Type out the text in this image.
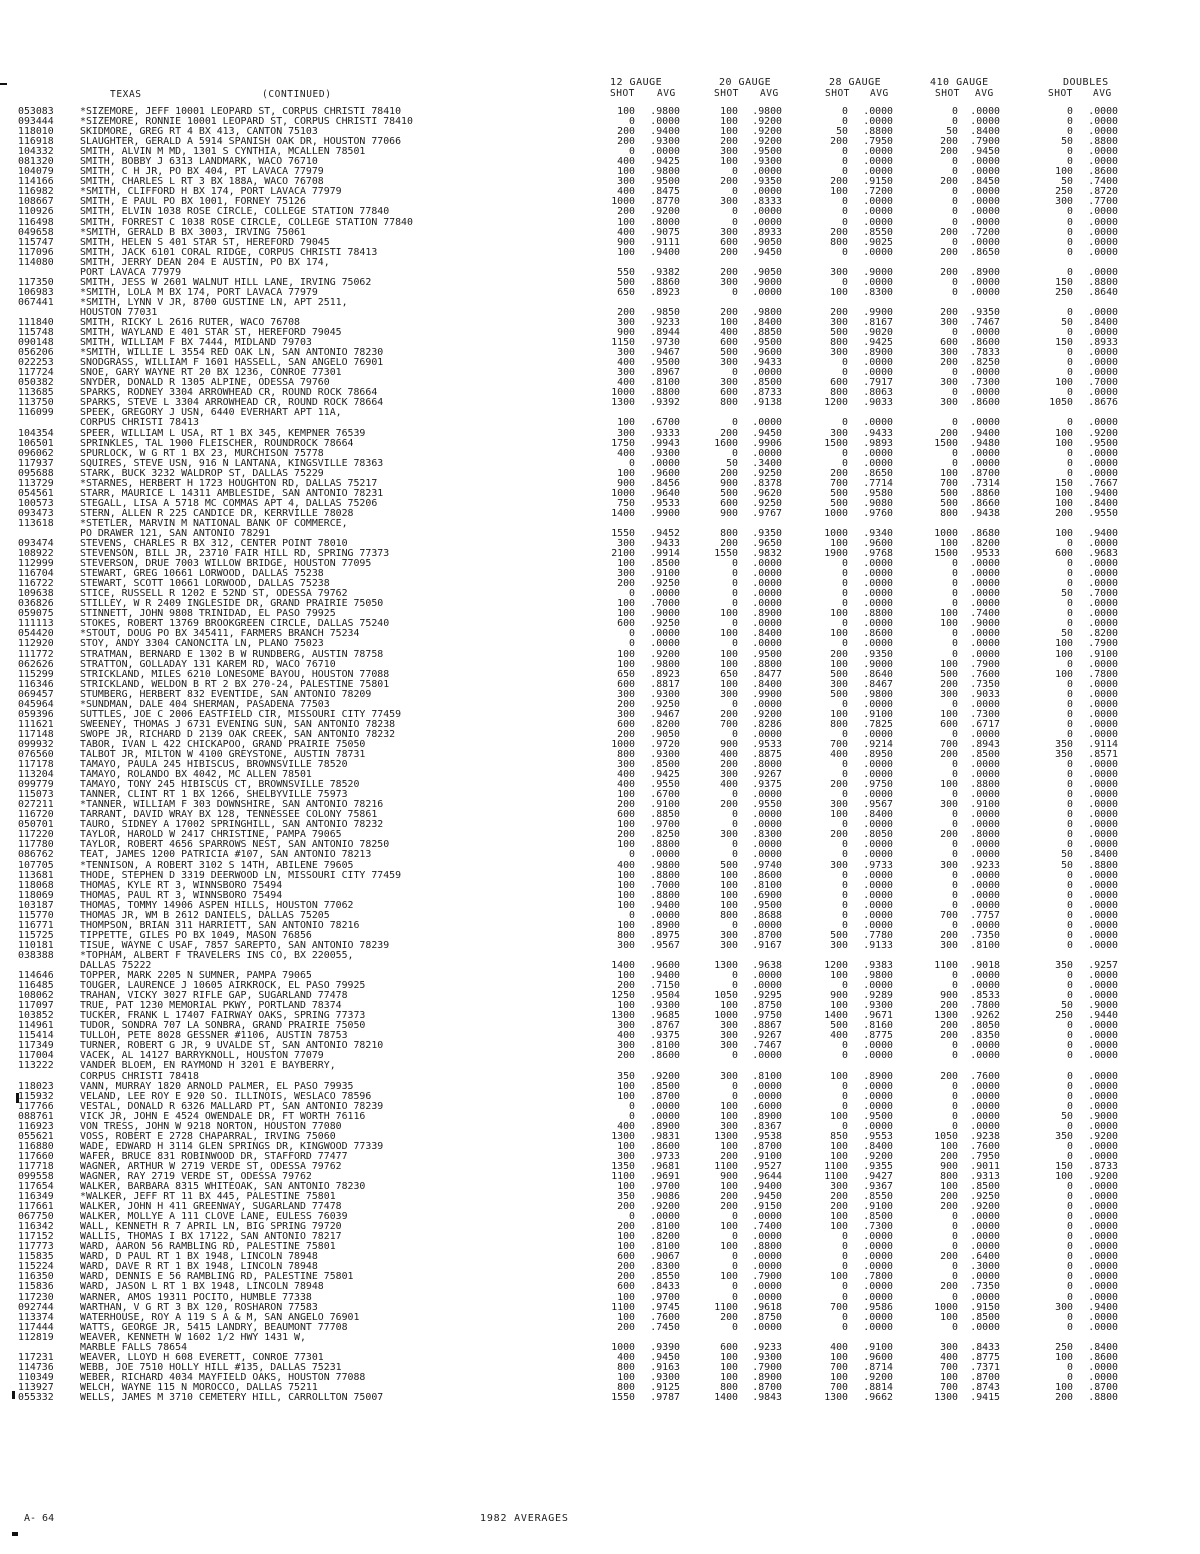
TEXAS	(CONTINUED)
12 GAUGE	20 GAUGE	28 GAUGE	410 GAUGE	DOUBLES
SHOT AVG	SHOT AVG	SHOT AVG	SHOT AVG	SHOT AVG
053083	*SIZEMORE, JEFF 10001 LEOPARD ST, CORPUS CHRISTI 78410	100	.9800	100	.9800	0	.0000	0	.0000	0	.0000
093444	*SIZEMORE, RONNIE 10001 LEOPARD ST, CORPUS CHRISTI 78410	0	.0000	100	.9200	0	.0000	0	.0000	0	.0000
118010	SKIDMORE, GREG RT 4 BX 413, CANTON 75103	200	.9400	100	.9200	50	.8800	50	.8400	0	.0000
116918	SLAUGHTER, GERALD A 5914 SPANISH OAK DR, HOUSTON 77066	200	.9300	200	.9200	200	.7950	200	.7900	50	.8800
104332	SMITH, ALVIN M MD, 1301 S CYNTHIA, MCALLEN 78501	0	.0000	300	.9500	0	.0000	200	.9450	0	.0000
081320	SMITH, BOBBY J 6313 LANDMARK, WACO 76710	400	.9425	100	.9300	0	.0000	0	.0000	0	.0000
104079	SMITH, C H JR, PO BX 404, PT LAVACA 77979	100	.9800	0	.0000	0	.0000	0	.0000	100	.8600
114166	SMITH, CHARLES L RT 3 BX 188A, WACO 76708	300	.9500	200	.9350	200	.9150	200	.8450	50	.7400
116982	*SMITH, CLIFFORD H BX 174, PORT LAVACA 77979	400	.8475	0	.0000	100	.7200	0	.0000	250	.8720
108667	SMITH, E PAUL PO BX 1001, FORNEY 75126	1000	.8770	300	.8333	0	.0000	0	.0000	300	.7700
110926	SMITH, ELVIN 1038 ROSE CIRCLE, COLLEGE STATION 77840	200	.9200	0	.0000	0	.0000	0	.0000	0	.0000
116498	SMITH, FORREST C 1038 ROSE CIRCLE, COLLEGE STATION 77840	100	.8000	0	.0000	0	.0000	0	.0000	0	.0000
049658	*SMITH, GERALD B BX 3003, IRVING 75061	400	.9075	300	.8933	200	.8550	200	.7200	0	.0000
115747	SMITH, HELEN S 401 STAR ST, HEREFORD 79045	900	.9111	600	.9050	800	.9025	0	.0000	0	.0000
117096	SMITH, JACK 6101 CORAL RIDGE, CORPUS CHRISTI 78413	100	.9400	200	.9450	0	.0000	200	.8650	0	.0000
114080	SMITH, JERRY DEAN 204 E AUSTIN, PO BX 174,
PORT LAVACA 77979	550	.9382	200	.9050	300	.9000	200	.8900	0	.0000
117350	SMITH, JESS W 2601 WALNUT HILL LANE, IRVING 75062	500	.8860	300	.9000	0	.0000	0	.0000	150	.8800
106983	*SMITH, LOLA M BX 174, PORT LAVACA 77979	650	.8923	0	.0000	100	.8300	0	.0000	250	.8640
067441	*SMITH, LYNN V JR, 8700 GUSTINE LN, APT 2511,
HOUSTON 77031	200	.9850	200	.9800	200	.9900	200	.9350	0	.0000
111840	SMITH, RICKY L 2616 RUTER, WACO 76708	300	.9233	100	.8400	300	.8167	300	.7467	50	.8400
115748	SMITH, WAYLAND E 401 STAR ST, HEREFORD 79045	900	.8944	400	.8850	500	.9020	0	.0000	0	.0000
090148	SMITH, WILLIAM F BX 7444, MIDLAND 79703	1150	.9730	600	.9500	800	.9425	600	.8600	150	.8933
056206	*SMITH, WILLIE L 3554 RED OAK LN, SAN ANTONIO 78230	300	.9467	500	.9600	300	.8900	300	.7833	0	.0000
022253	SNODGRASS, WILLIAM F 1601 HASSELL, SAN ANGELO 76901	400	.9500	300	.9433	0	.0000	200	.8250	0	.0000
117724	SNOE, GARY WAYNE RT 20 BX 1236, CONROE 77301	300	.8967	0	.0000	0	.0000	0	.0000	0	.0000
050382	SNYDER, DONALD R 1305 ALPINE, ODESSA 79760	400	.8100	300	.8500	600	.7917	300	.7300	100	.7000
113685	SPARKS, RODNEY 3304 ARROWHEAD CR, ROUND ROCK 78664	1000	.8800	600	.8733	800	.8063	0	.0000	0	.0000
113750	SPARKS, STEVE L 3304 ARROWHEAD CR, ROUND ROCK 78664	1300	.9392	800	.9138	1200	.9033	300	.8600	1050	.8676
116099	SPEEK, GREGORY J USN, 6440 EVERHART APT 11A,
CORPUS CHRISTI 78413	100	.6700	0	.0000	0	.0000	0	.0000	0	.0000
104354	SPEER, WILLIAM L USA, RT 1 BX 345, KEMPNER 76539	300	.9333	200	.9450	300	.9433	200	.9400	100	.9200
106501	SPRINKLES, TAL 1900 FLEISCHER, ROUNDROCK 78664	1750	.9943	1600	.9906	1500	.9893	1500	.9480	100	.9500
096062	SPURLOCK, W G RT 1 BX 23, MURCHISON 75778	400	.9300	0	.0000	0	.0000	0	.0000	0	.0000
117937	SQUIRES, STEVE USN, 916 N LANTANA, KINGSVILLE 78363	0	.0000	50	.3400	0	.0000	0	.0000	0	.0000
095688	STARK, BUCK 3232 WALDROP ST, DALLAS 75229	100	.9600	200	.9250	200	.8650	100	.8700	0	.0000
113729	*STARNES, HERBERT H 1723 HOUGHTON RD, DALLAS 75217	900	.8456	900	.8378	700	.7714	700	.7314	150	.7667
054561	STARR, MAURICE L 14311 AMBLESIDE, SAN ANTONIO 78231	1000	.9640	500	.9620	500	.9580	500	.8860	100	.9400
100573	STEGALL, LISA A 5718 MC COMMAS APT 4, DALLAS 75206	750	.9533	600	.9250	500	.9080	500	.8660	100	.8400
093473	STERN, ALLEN R 225 CANDICE DR, KERRVILLE 78028	1400	.9900	900	.9767	1000	.9760	800	.9438	200	.9550
113618	*STETLER, MARVIN M NATIONAL BANK OF COMMERCE,
PO DRAWER 121, SAN ANTONIO 78291	1550	.9452	800	.9350	1000	.9340	1000	.8680	100	.9400
093474	STEVENS, CHARLES R BX 312, CENTER POINT 78010	300	.9433	200	.9650	100	.9600	100	.8200	0	.0000
108922	STEVENSON, BILL JR, 23710 FAIR HILL RD, SPRING 77373	2100	.9914	1550	.9832	1900	.9768	1500	.9533	600	.9683
112999	STEVERSON, DRUE 7003 WILLOW BRIDGE, HOUSTON 77095	100	.8500	0	.0000	0	.0000	0	.0000	0	.0000
116704	STEWART, GREG 10661 LORWOOD, DALLAS 75238	300	.9100	0	.0000	0	.0000	0	.0000	0	.0000
116722	STEWART, SCOTT 10661 LORWOOD, DALLAS 75238	200	.9250	0	.0000	0	.0000	0	.0000	0	.0000
109638	STICE, RUSSELL R 1202 E 52ND ST, ODESSA 79762	0	.0000	0	.0000	0	.0000	0	.0000	50	.7000
036826	STILLEY, W R 2409 INGLESIDE DR, GRAND PRAIRIE 75050	100	.7000	0	.0000	0	.0000	0	.0000	0	.0000
059075	STINNETT, JOHN 9808 TRINIDAD, EL PASO 79925	100	.9000	100	.8900	100	.8800	100	.7400	0	.0000
111113	STOKES, ROBERT 13769 BROOKGREEN CIRCLE, DALLAS 75240	600	.9250	0	.0000	0	.0000	100	.9000	0	.0000
054420	*STOUT, DOUG PO BX 345411, FARMERS BRANCH 75234	0	.0000	100	.8400	100	.8600	0	.0000	50	.8200
112920	STOY, ANDY 3304 CANONCITA LN, PLANO 75023	0	.0000	0	.0000	0	.0000	0	.0000	100	.7900
111772	STRATMAN, BERNARD E 1302 B W RUNDBERG, AUSTIN 78758	100	.9200	100	.9500	200	.9350	0	.0000	100	.9100
062626	STRATTON, GOLLADAY 131 KAREM RD, WACO 76710	100	.9800	100	.8800	100	.9000	100	.7900	0	.0000
115299	STRICKLAND, MILES 6210 LONESOME BAYOU, HOUSTON 77088	650	.8923	650	.8477	500	.8640	500	.7600	100	.7800
116346	STRICKLAND, WELDON B RT 2 BX 270-24, PALESTINE 75801	600	.8817	100	.8400	300	.8467	200	.7350	0	.0000
069457	STUMBERG, HERBERT 832 EVENTIDE, SAN ANTONIO 78209	300	.9300	300	.9900	500	.9800	300	.9033	0	.0000
045964	*SUNDMAN, DALE 404 SHERMAN, PASADENA 77503	200	.9250	0	.0000	0	.0000	0	.0000	0	.0000
059396	SUTTLES, JOE C 2006 EASTFIELD CIR, MISSOURI CITY 77459	300	.9467	200	.9200	100	.9100	100	.7300	0	.0000
111621	SWEENEY, THOMAS J 6731 EVENING SUN, SAN ANTONIO 78238	600	.8200	700	.8286	800	.7825	600	.6717	0	.0000
117148	SWOPE JR, RICHARD D 2139 OAK CREEK, SAN ANTONIO 78232	200	.9050	0	.0000	0	.0000	0	.0000	0	.0000
099932	TABOR, IVAN L 422 CHICKAPOO, GRAND PRAIRIE 75050	1000	.9720	900	.9533	700	.9214	700	.8943	350	.9114
076560	TALBOT JR, MILTON W 4100 GREYSTONE, AUSTIN 78731	800	.9300	400	.8875	400	.8950	200	.8500	350	.8571
117178	TAMAYO, PAULA 245 HIBISCUS, BROWNSVILLE 78520	300	.8500	200	.8000	0	.0000	0	.0000	0	.0000
113204	TAMAYO, ROLANDO BX 4042, MC ALLEN 78501	400	.9425	300	.9267	0	.0000	0	.0000	0	.0000
099779	TAMAYO, TONY 245 HIBISCUS CT, BROWNSVILLE 78520	400	.9550	400	.9375	200	.9750	100	.8800	0	.0000
115073	TANNER, CLINT RT 1 BX 1266, SHELBYVILLE 75973	100	.6700	0	.0000	0	.0000	0	.0000	0	.0000
027211	*TANNER, WILLIAM F 303 DOWNSHIRE, SAN ANTONIO 78216	200	.9100	200	.9550	300	.9567	300	.9100	0	.0000
116720	TARRANT, DAVID WRAY BX 128, TENNESSEE COLONY 75861	600	.8850	0	.0000	100	.8400	0	.0000	0	.0000
050701	TAURO, SIDNEY A 17002 SPRINGHILL, SAN ANTONIO 78232	100	.9700	0	.0000	0	.0000	0	.0000	0	.0000
117220	TAYLOR, HAROLD W 2417 CHRISTINE, PAMPA 79065	200	.8250	300	.8300	200	.8050	200	.8000	0	.0000
117780	TAYLOR, ROBERT 4656 SPARROWS NEST, SAN ANTONIO 78250	100	.8800	0	.0000	0	.0000	0	.0000	0	.0000
086762	TEAT, JAMES 1200 PATRICIA #107, SAN ANTONIO 78213	0	.0000	0	.0000	0	.0000	0	.0000	50	.8400
107705	*TENNISON, A ROBERT 3102 S 14TH, ABILENE 79605	400	.9800	500	.9740	300	.9733	300	.9233	50	.8800
113681	THODE, STEPHEN D 3319 DEERWOOD LN, MISSOURI CITY 77459	100	.8800	100	.8600	0	.0000	0	.0000	0	.0000
118068	THOMAS, KYLE RT 3, WINNSBORO 75494	100	.7000	100	.8100	0	.0000	0	.0000	0	.0000
118069	THOMAS, PAUL RT 3, WINNSBORO 75494	100	.8800	100	.6900	0	.0000	0	.0000	0	.0000
103187	THOMAS, TOMMY 14906 ASPEN HILLS, HOUSTON 77062	100	.9400	100	.9500	0	.0000	0	.0000	0	.0000
115770	THOMAS JR, WM B 2612 DANIELS, DALLAS 75205	0	.0000	800	.8688	0	.0000	700	.7757	0	.0000
116771	THOMPSON, BRIAN 311 HARRIETT, SAN ANTONIO 78216	100	.8900	0	.0000	0	.0000	0	.0000	0	.0000
115725	TIPPETTE, GILES PO BX 1049, MASON 76856	800	.8975	300	.8700	500	.7780	200	.7350	0	.0000
110181	TISUE, WAYNE C USAF, 7857 SAREPTO, SAN ANTONIO 78239	300	.9567	300	.9167	300	.9133	300	.8100	0	.0000
038388	*TOPHAM, ALBERT F TRAVELERS INS CO, BX 220055,
DALLAS 75222	1400	.9600	1300	.9638	1200	.9383	1100	.9018	350	.9257
114646	TOPPER, MARK 2205 N SUMNER, PAMPA 79065	100	.9400	0	.0000	100	.9800	0	.0000	0	.0000
116485	TOUGER, LAURENCE J 10605 AIRKROCK, EL PASO 79925	200	.7150	0	.0000	0	.0000	0	.0000	0	.0000
108062	TRAHAN, VICKY 3027 RIFLE GAP, SUGARLAND 77478	1250	.9504	1050	.9295	900	.9289	900	.8533	0	.0000
117097	TRUE, PAT 1230 MEMORIAL PKWY, PORTLAND 78374	100	.9300	100	.8750	100	.9300	200	.7800	50	.9000
103852	TUCKER, FRANK L 17407 FAIRWAY OAKS, SPRING 77373	1300	.9685	1000	.9750	1400	.9671	1300	.9262	250	.9440
114961	TUDOR, SONDRA 707 LA SONBRA, GRAND PRAIRIE 75050	300	.8767	300	.8867	500	.8160	200	.8050	0	.0000
115414	TULLOH, PETE 8028 GESSNER #1106, AUSTIN 78753	400	.9375	300	.9267	400	.8775	200	.8350	0	.0000
117349	TURNER, ROBERT G JR, 9 UVALDE ST, SAN ANTONIO 78210	300	.8100	300	.7467	0	.0000	0	.0000	0	.0000
117004	VACEK, AL 14127 BARRYKNOLL, HOUSTON 77079	200	.8600	0	.0000	0	.0000	0	.0000	0	.0000
113222	VANDER BLOEM, EN RAYMOND H 3201 E BAYBERRY,
CORPUS CHRISTI 78418	350	.9200	300	.8100	100	.8900	200	.7600	0	.0000
118023	VANN, MURRAY 1820 ARNOLD PALMER, EL PASO 79935	100	.8500	0	.0000	0	.0000	0	.0000	0	.0000
115932	VELAND, LEE ROY E 920 SO. ILLINOIS, WESLACO 78596	100	.8700	0	.0000	0	.0000	0	.0000	0	.0000
117766	VESTAL, DONALD R 6326 MALLARD PT, SAN ANTONIO 78239	0	.0000	100	.6000	0	.0000	0	.0000	0	.0000
088761	VICK JR, JOHN E 4524 OWENDALE DR, FT WORTH 76116	0	.0000	100	.8900	100	.9500	0	.0000	50	.9000
116923	VON TRESS, JOHN W 9218 NORTON, HOUSTON 77080	400	.8900	300	.8367	0	.0000	0	.0000	0	.0000
055621	VOSS, ROBERT E 2728 CHAPARRAL, IRVING 75060	1300	.9831	1300	.9538	850	.9553	1050	.9238	350	.9200
116880	WADE, EDWARD H 3114 GLEN SPRINGS DR, KINGWOOD 77339	100	.8600	100	.8700	100	.8400	100	.7600	0	.0000
117660	WAFER, BRUCE 831 ROBINWOOD DR, STAFFORD 77477	300	.9733	200	.9100	100	.9200	200	.7950	0	.0000
117718	WAGNER, ARTHUR W 2719 VERDE ST, ODESSA 79762	1350	.9681	1100	.9527	1100	.9355	900	.9011	150	.8733
099558	WAGNER, RAY 2719 VERDE ST, ODESSA 79762	1100	.9691	900	.9644	1100	.9427	800	.9313	100	.9200
117654	WALKER, BARBARA 8315 WHITEOAK, SAN ANTONIO 78230	100	.9700	100	.9400	300	.9367	100	.8500	0	.0000
116349	*WALKER, JEFF RT 11 BX 445, PALESTINE 75801	350	.9086	200	.9450	200	.8550	200	.9250	0	.0000
117661	WALKER, JOHN H 411 GREENWAY, SUGARLAND 77478	200	.9200	200	.9150	200	.9100	200	.9200	0	.0000
067750	WALKER, MOLLYE A 111 CLOVE LANE, EULESS 76039	0	.0000	0	.0000	100	.8500	0	.0000	0	.0000
116342	WALL, KENNETH R 7 APRIL LN, BIG SPRING 79720	200	.8100	100	.7400	100	.7300	0	.0000	0	.0000
117152	WALLIS, THOMAS I BX 17122, SAN ANTONIO 78217	100	.8200	0	.0000	0	.0000	0	.0000	0	.0000
117773	WARD, AARON 56 RAMBLING RD, PALESTINE 75801	100	.8100	100	.8800	0	.0000	0	.0000	0	.0000
115835	WARD, D PAUL RT 1 BX 1948, LINCOLN 78948	600	.9067	0	.0000	0	.0000	200	.6400	0	.0000
115224	WARD, DAVE R RT 1 BX 1948, LINCOLN 78948	200	.8300	0	.0000	0	.0000	0	.3000	0	.0000
116350	WARD, DENNIS E 56 RAMBLING RD, PALESTINE 75801	200	.8550	100	.7900	100	.7800	0	.0000	0	.0000
115836	WARD, JASON L RT 1 BX 1948, LINCOLN 78948	600	.8433	0	.0000	0	.0000	200	.7350	0	.0000
117230	WARNER, AMOS 19311 POCITO, HUMBLE 77338	100	.9700	0	.0000	0	.0000	0	.0000	0	.0000
092744	WARTHAN, V G RT 3 BX 120, ROSHARON 77583	1100	.9745	1100	.9618	700	.9586	1000	.9150	300	.9400
113374	WATERHOUSE, ROY A 119 S A & M, SAN ANGELO 76901	100	.7600	200	.8750	0	.0000	100	.8500	0	.0000
117444	WATTS, GEORGE JR, 5415 LANDRY, BEAUMONT 77708	200	.7450	0	.0000	0	.0000	0	.0000	0	.0000
112819	WEAVER, KENNETH W 1602 1/2 HWY 1431 W,
MARBLE FALLS 78654	1000	.9390	600	.9233	400	.9100	300	.8433	250	.8400
117231	WEAVER, LLOYD H 608 EVERETT, CONROE 77301	400	.9450	100	.9300	100	.9600	400	.8775	100	.8600
114736	WEBB, JOE 7510 HOLLY HILL #135, DALLAS 75231	800	.9163	100	.7900	700	.8714	700	.7371	0	.0000
110349	WEBER, RICHARD 4034 MAYFIELD OAKS, HOUSTON 77088	100	.9300	100	.8900	100	.9200	100	.8700	0	.0000
113927	WELCH, WAYNE 115 N MOROCCO, DALLAS 75211	800	.9125	800	.8700	700	.8814	700	.8743	100	.8700
055332	WELLS, JAMES M 3710 CEMETERY HILL, CARROLLTON 75007	1550	.9787	1400	.9843	1300	.9662	1300	.9415	200	.8800
A- 64	1982 AVERAGES
